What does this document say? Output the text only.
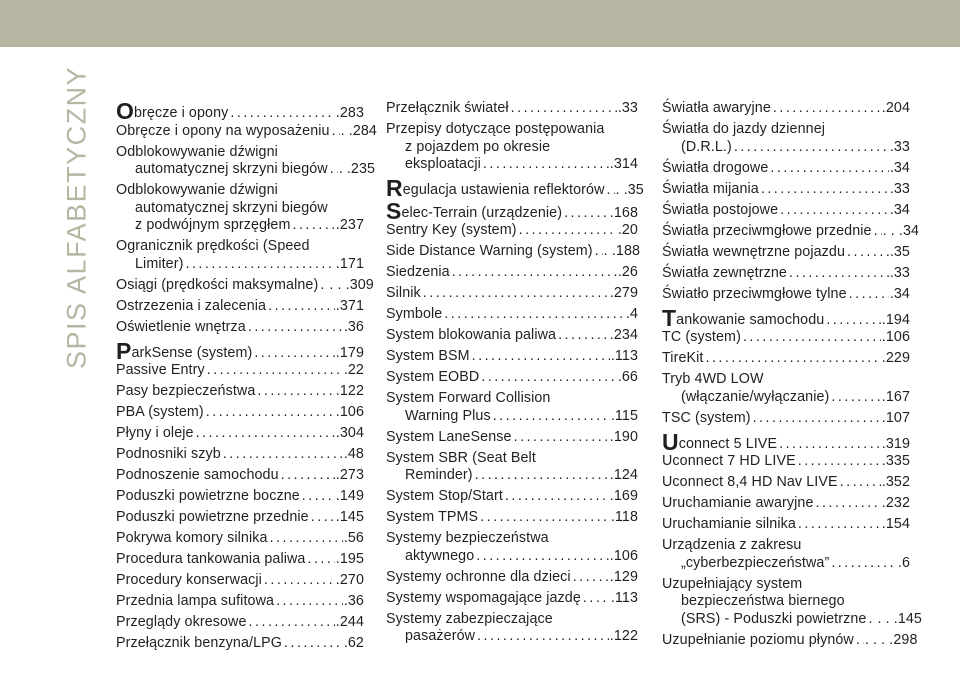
SPIS ALFABETYCZNY	Obręcze i opony .....	.283
Obręcze i opony na wyposażeniu ..... . .284
Odblokowywanie dźwigni
automatycznej skrzyni biegów ..... . .235
Odblokowywanie dźwigni
automatycznej skrzyni biegów
z podwójnym sprzęgłem .....	.237
Ogranicznik prędkości (Speed
Limiter) .....	.171
Osiągi (prędkości maksymalne) ..... . . .309
Ostrzezenia i zalecenia .....	.371
Oświetlenie wnętrza .....	.36
ParkSense (system) .....	.179
Passive Entry .....	.22
Pasy bezpieczeństwa .....	.122
PBA (system) .....	.106
Płyny i oleje .....	.304
Podnosniki szyb .....	.48
Podnoszenie samochodu .....	.273
Poduszki powietrzne boczne .....	.149
Poduszki powietrzne przednie ..... .145
Pokrywa komory silnika .....	.56
Procedura tankowania paliwa ..... .195
Procedury konserwacji .....	.270
Przednia lampa sufitowa .....	.36
Przeglądy okresowe .....	.244
Przełącznik benzyna/LPG .....	.62
Przełącznik świateł .....	.33
Przepisy dotyczące postępowania
z pojazdem po okresie
eksploatacji .....	.314
Regulacja ustawienia reflektorów ..... . .35
Selec-Terrain (urządzenie) .....	.168
Sentry Key (system) .....	.20
Side Distance Warning (system) ..... . .188
Siedzenia .....	.26
Silnik .....	.279
Symbole .....	.4
System blokowania paliwa .....	.234
System BSM .....	.113
System EOBD .....	.66
System Forward Collision
Warning Plus .....	.115
System LaneSense .....	.190
System SBR (Seat Belt
Reminder) .....	.124
System Stop/Start .....	.169
System TPMS .....	.118
Systemy bezpieczeństwa
aktywnego .....	.106
Systemy ochronne dla dzieci .....	.129
Systemy wspomagające jazdę ..... .113
Systemy zabezpieczające
pasażerów .....	.122
Światła awaryjne .....	.204
Światła do jazdy dziennej
(D.R.L.) .....	.33
Światła drogowe .....	.34
Światła mijania .....	.33
Światła postojowe .....	.34
Światła przeciwmgłowe przednie ..... . . .34
Światła wewnętrzne pojazdu .....	.35
Światła zewnętrzne .....	.33
Światło przeciwmgłowe tylne .....	.34
Tankowanie samochodu .....	.194
TC (system) .....	.106
TireKit .....	.229
Tryb 4WD LOW
(włączanie/wyłączanie) .....	.167
TSC (system) .....	.107
Uconnect 5 LIVE .....	.319
Uconnect 7 HD LIVE .....	.335
Uconnect 8,4 HD Nav LIVE .....	.352
Uruchamianie awaryjne .....	.232
Uruchamianie silnika .....	.154
Urządzenia z zakresu
„cyberbezpieczeństwa” .....	.6
Uzupełniający system
bezpieczeństwa biernego
(SRS) - Poduszki powietrzne ..... . . .145
Uzupełnianie poziomu płynów ..... . . . .298
